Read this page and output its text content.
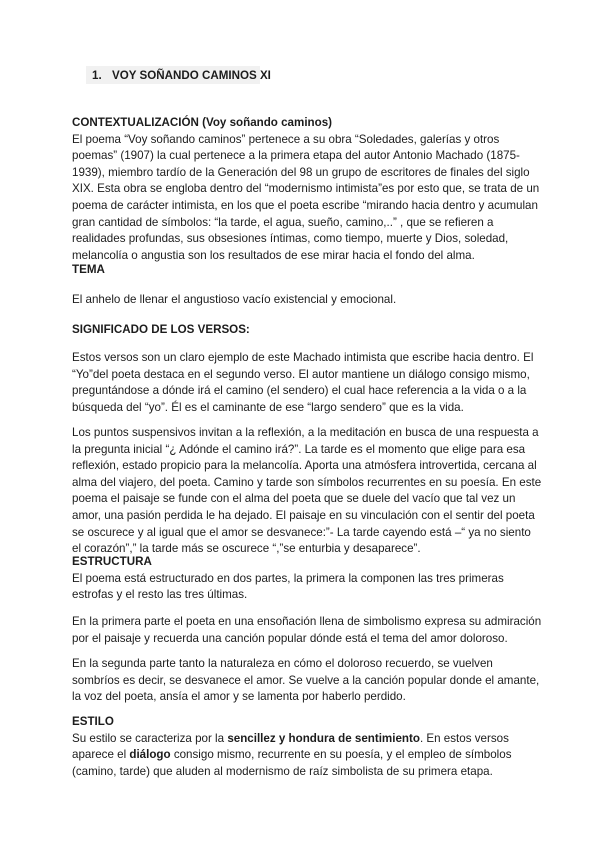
1. VOY SOÑANDO CAMINOS XI

CONTEXTUALIZACIÓN (Voy soñando caminos)

El poema “Voy soñando caminos” pertenece a su obra “Soledades, galerías y otros poemas” (1907) la cual pertenece a la primera etapa del autor Antonio Machado (1875-1939), miembro tardío de la Generación del 98 un grupo de escritores de finales del siglo XIX. Esta obra se engloba dentro del “modernismo intimista”es por esto que, se trata de un poema de carácter intimista, en los que el poeta escribe “mirando hacia dentro y acumulan gran cantidad de símbolos: “la tarde, el agua, sueño, camino,..” , que se refieren a realidades profundas, sus obsesiones íntimas, como tiempo, muerte y Dios, soledad, melancolía o angustia son los resultados de ese mirar hacia el fondo del alma.

TEMA

El anhelo de llenar el angustioso vacío existencial y emocional.

SIGNIFICADO DE LOS VERSOS:

Estos versos son un claro ejemplo de este Machado intimista que escribe hacia dentro. El “Yo”del poeta destaca en el segundo verso. El autor mantiene un diálogo consigo mismo, preguntándose a dónde irá el camino (el sendero) el cual hace referencia a la vida o a la búsqueda del “yo”. Él es el caminante de ese “largo sendero” que es la vida.

Los puntos suspensivos invitan a la reflexión, a la meditación en busca de una respuesta a la pregunta inicial “¿ Adónde el camino irá?”. La tarde es el momento que elige para esa reflexión, estado propicio para la melancolía. Aporta una atmósfera introvertida, cercana al alma del viajero, del poeta. Camino y tarde son símbolos recurrentes en su poesía. En este poema el paisaje se funde con el alma del poeta que se duele del vacío que tal vez un amor, una pasión perdida le ha dejado. El paisaje en su vinculación con el sentir del poeta se oscurece y al igual que el amor se desvanece:”- La tarde cayendo está –“ ya no siento el corazón”,” la tarde más se oscurece “,”se enturbia y desaparece”.

ESTRUCTURA

El poema está estructurado en dos partes, la primera la componen las tres primeras estrofas y el resto las tres últimas.

En la primera parte el poeta en una ensoñación llena de simbolismo expresa su admiración por el paisaje y recuerda una canción popular dónde está el tema del amor doloroso.

En la segunda parte tanto la naturaleza en cómo el doloroso recuerdo, se vuelven sombríos es decir, se desvanece el amor. Se vuelve a la canción popular donde el amante, la voz del poeta, ansía el amor y se lamenta por haberlo perdido.

ESTILO

Su estilo se caracteriza por la sencillez y hondura de sentimiento. En estos versos aparece el diálogo consigo mismo, recurrente en su poesía, y el empleo de símbolos (camino, tarde) que aluden al modernismo de raíz simbolista de su primera etapa.
